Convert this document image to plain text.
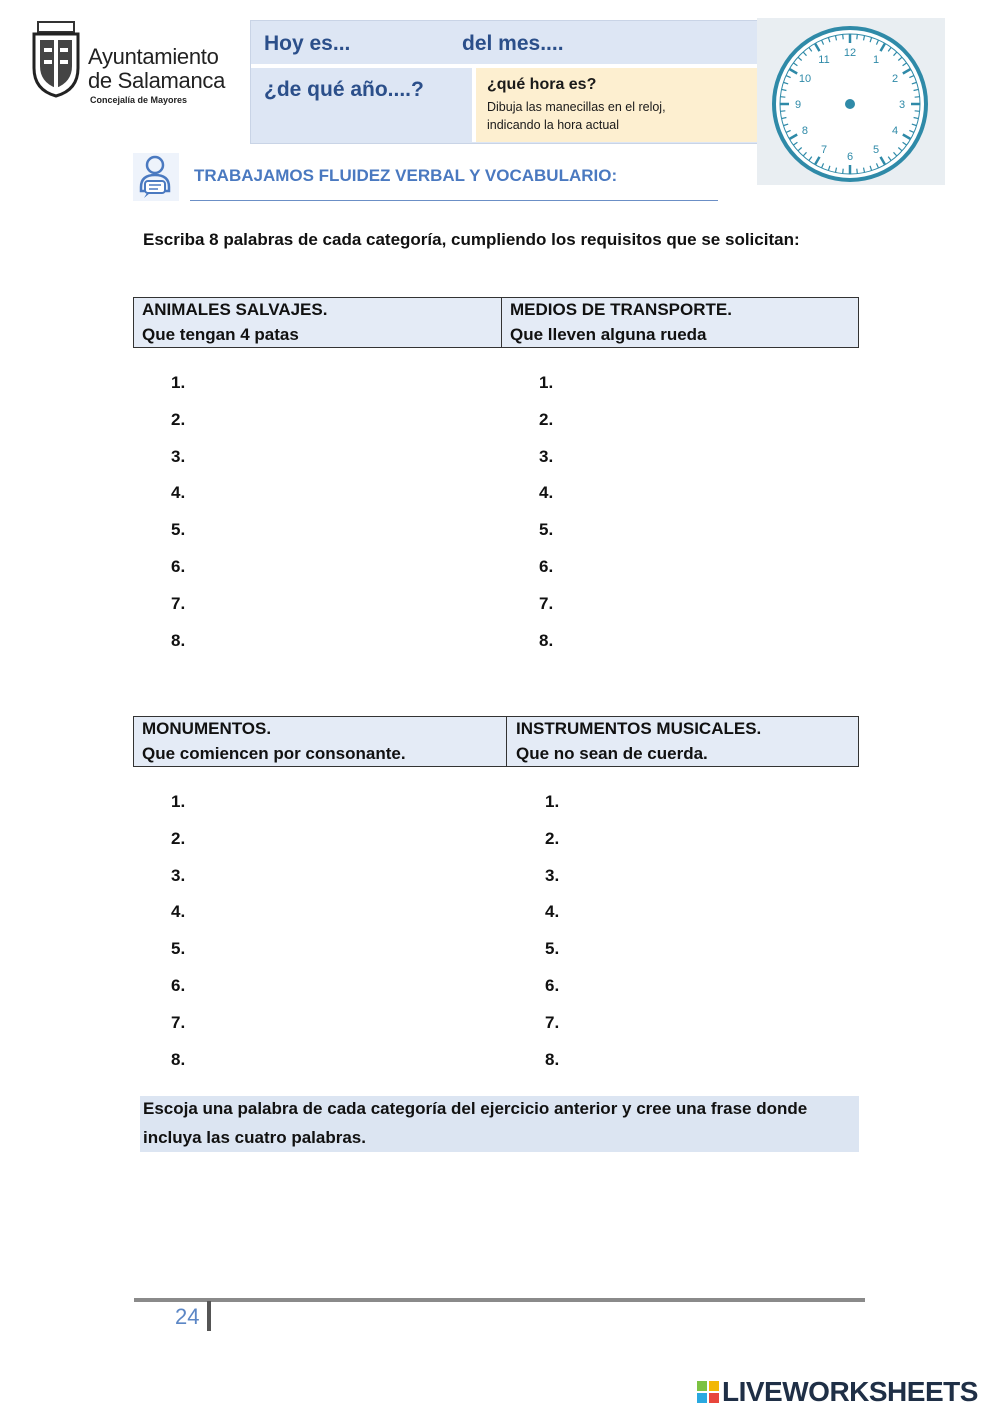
Ayuntamiento
de Salamanca
Concejalía de Mayores
Hoy es...	del mes....
¿de qué año....?	¿qué hora es?
Dibuja las manecillas en el reloj,
indicando la hora actual
12
1
2
3
4
5
6
7
8
9
10
11
TRABAJAMOS FLUIDEZ VERBAL Y VOCABULARIO:
Escriba 8 palabras de cada categoría, cumpliendo los requisitos que se solicitan:
ANIMALES SALVAJES.
Que tengan 4 patas
MEDIOS DE TRANSPORTE.
Que lleven alguna rueda
1.
2.
3.
4.
5.
6.
7.
8.
1.
2.
3.
4.
5.
6.
7.
8.
MONUMENTOS.
Que comiencen por consonante.
INSTRUMENTOS MUSICALES.
Que no sean de cuerda.
1.
2.
3.
4.
5.
6.
7.
8.
1.
2.
3.
4.
5.
6.
7.
8.
Escoja una palabra de cada categoría del ejercicio anterior y cree una frase donde incluya las cuatro palabras.
24
LIVEWORKSHEETS
